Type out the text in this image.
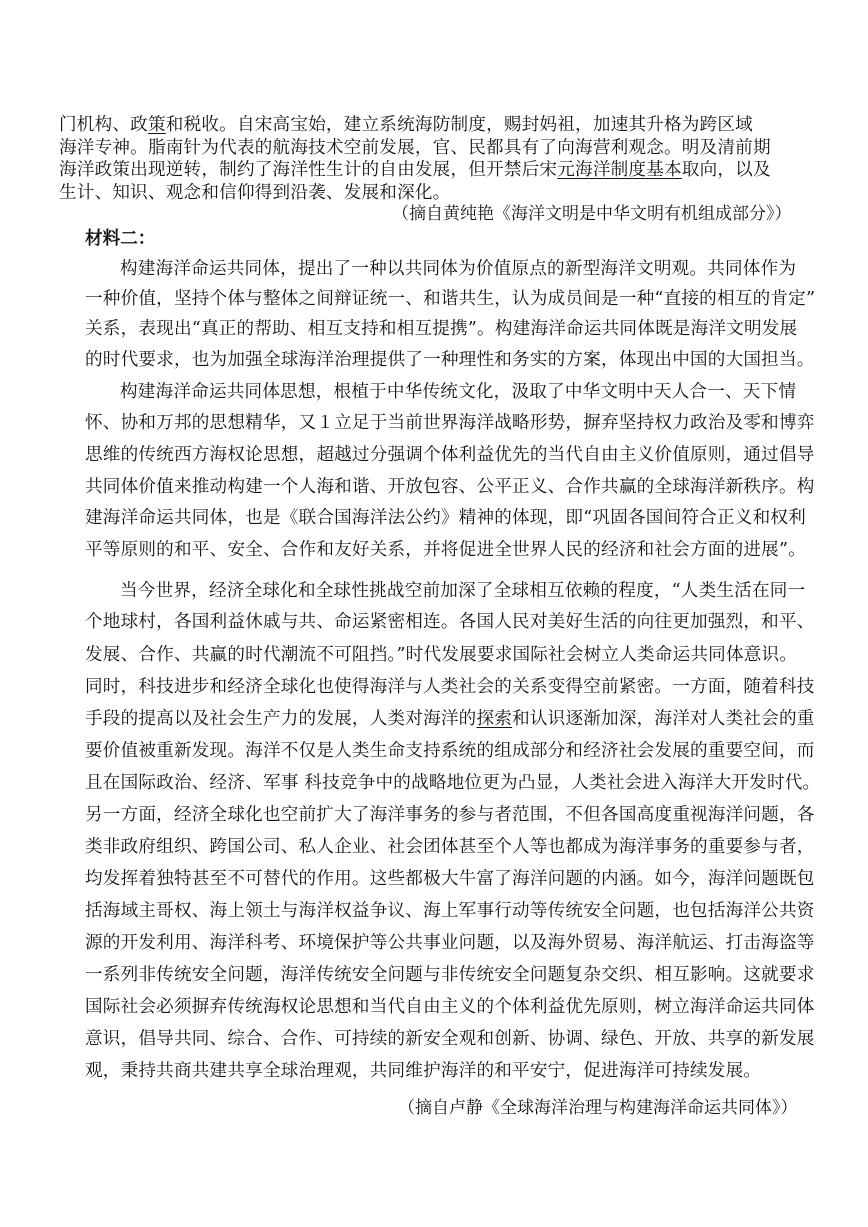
门机构、政策和税收。自宋高宝始，建立系统海防制度，赐封妈祖，加速其升格为跨区域
海洋专神。脂南针为代表的航海技术空前发展，官、民都具有了向海营利观念。明及清前期
海洋政策出现逆转，制约了海洋性生计的自由发展，但开禁后宋元海洋制度基本取向，以及
生计、知识、观念和信仰得到沿袭、发展和深化。
（摘自黄纯艳《海洋文明是中华文明有机组成部分》）
材料二：
构建海洋命运共同体，提出了一种以共同体为价值原点的新型海洋文明观。共同体作为
一种价值，坚持个体与整体之间辩证统一、和谐共生，认为成员间是一种“直接的相互的肯定”
关系，表现出“真正的帮助、相互支持和相互提携”。构建海洋命运共同体既是海洋文明发展
的时代要求，也为加强全球海洋治理提供了一种理性和务实的方案，体现出中国的大国担当。
构建海洋命运共同体思想，根植于中华传统文化，汲取了中华文明中天人合一、天下情
怀、协和万邦的思想精华，又１立足于当前世界海洋战略形势，摒弃坚持权力政治及零和博弈
思维的传统西方海权论思想，超越过分强调个体利益优先的当代自由主义价值原则，通过倡导
共同体价值来推动构建一个人海和谐、开放包容、公平正义、合作共赢的全球海洋新秩序。构
建海洋命运共同体，也是《联合国海洋法公约》精神的体现，即“巩固各国间符合正义和权利
平等原则的和平、安全、合作和友好关系，并将促进全世界人民的经济和社会方面的进展”。
当今世界，经济全球化和全球性挑战空前加深了全球相互依赖的程度，“人类生活在同一
个地球村，各国利益休戚与共、命运紧密相连。各国人民对美好生活的向往更加强烈，和平、
发展、合作、共赢的时代潮流不可阻挡。”时代发展要求国际社会树立人类命运共同体意识。
同时，科技进步和经济全球化也使得海洋与人类社会的关系变得空前紧密。一方面，随着科技
手段的提高以及社会生产力的发展，人类对海洋的探索和认识逐渐加深，海洋对人类社会的重
要价值被重新发现。海洋不仅是人类生命支持系统的组成部分和经济社会发展的重要空间，而
且在国际政治、经济、军事 科技竞争中的战略地位更为凸显，人类社会进入海洋大开发时代。
另一方面，经济全球化也空前扩大了海洋事务的参与者范围，不但各国高度重视海洋问题，各
类非政府组织、跨国公司、私人企业、社会团体甚至个人等也都成为海洋事务的重要参与者，
均发挥着独特甚至不可替代的作用。这些都极大牛富了海洋问题的内涵。如今，海洋问题既包
括海域主哥权、海上领土与海洋权益争议、海上军事行动等传统安全问题，也包括海洋公共资
源的开发利用、海洋科考、环境保护等公共事业问题，以及海外贸易、海洋航运、打击海盗等
一系列非传统安全问题，海洋传统安全问题与非传统安全问题复杂交织、相互影响。这就要求
国际社会必须摒弃传统海权论思想和当代自由主义的个体利益优先原则，树立海洋命运共同体
意识，倡导共同、综合、合作、可持续的新安全观和创新、协调、绿色、开放、共享的新发展
观，秉持共商共建共享全球治理观，共同维护海洋的和平安宁，促进海洋可持续发展。
（摘自卢静《全球海洋治理与构建海洋命运共同体》）
